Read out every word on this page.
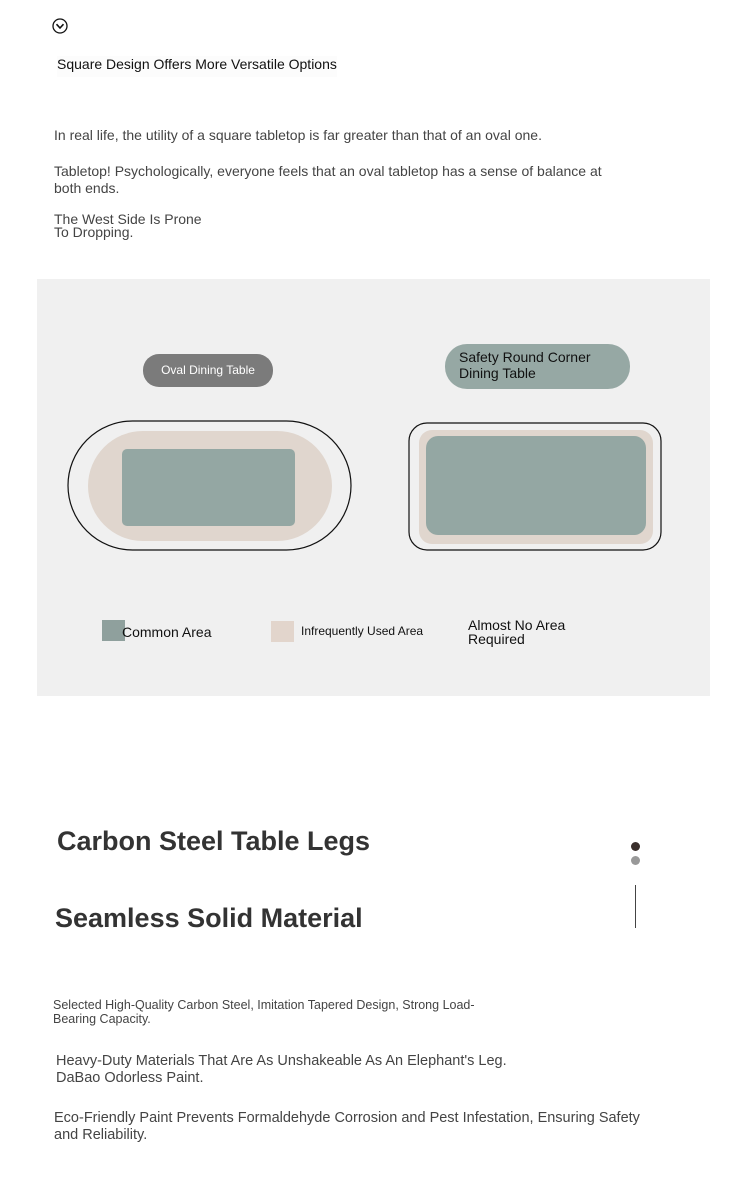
Square Design Offers More Versatile Options
In real life, the utility of a square tabletop is far greater than that of an oval one.
Tabletop! Psychologically, everyone feels that an oval tabletop has a sense of balance at both ends.
The West Side Is Prone
To Dropping.
Oval Dining Table
Safety Round Corner Dining Table
Common Area	Infrequently Used Area	Almost No Area Required
Carbon Steel Table Legs
Seamless Solid Material
Selected High-Quality Carbon Steel, Imitation Tapered Design, Strong Load-Bearing Capacity.
Heavy-Duty Materials That Are As Unshakeable As An Elephant's Leg.
DaBao Odorless Paint.
Eco-Friendly Paint Prevents Formaldehyde Corrosion and Pest Infestation, Ensuring Safety and Reliability.
